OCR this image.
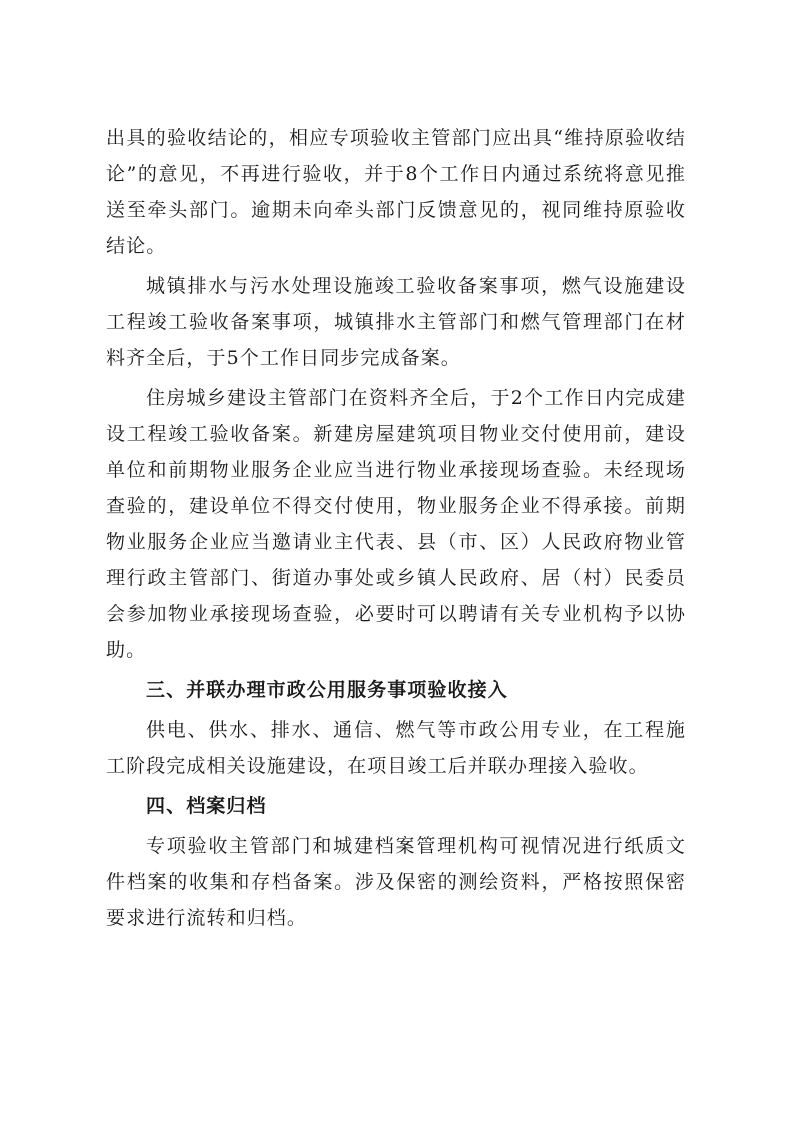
出具的验收结论的，相应专项验收主管部门应出具“维持原验收结论”的意见，不再进行验收，并于8个工作日内通过系统将意见推送至牵头部门。逾期未向牵头部门反馈意见的，视同维持原验收结论。

城镇排水与污水处理设施竣工验收备案事项，燃气设施建设工程竣工验收备案事项，城镇排水主管部门和燃气管理部门在材料齐全后，于5个工作日同步完成备案。

住房城乡建设主管部门在资料齐全后，于2个工作日内完成建设工程竣工验收备案。新建房屋建筑项目物业交付使用前，建设单位和前期物业服务企业应当进行物业承接现场查验。未经现场查验的，建设单位不得交付使用，物业服务企业不得承接。前期物业服务企业应当邀请业主代表、县（市、区）人民政府物业管理行政主管部门、街道办事处或乡镇人民政府、居（村）民委员会参加物业承接现场查验，必要时可以聘请有关专业机构予以协助。

三、并联办理市政公用服务事项验收接入

供电、供水、排水、通信、燃气等市政公用专业，在工程施工阶段完成相关设施建设，在项目竣工后并联办理接入验收。

四、档案归档

专项验收主管部门和城建档案管理机构可视情况进行纸质文件档案的收集和存档备案。涉及保密的测绘资料，严格按照保密要求进行流转和归档。
